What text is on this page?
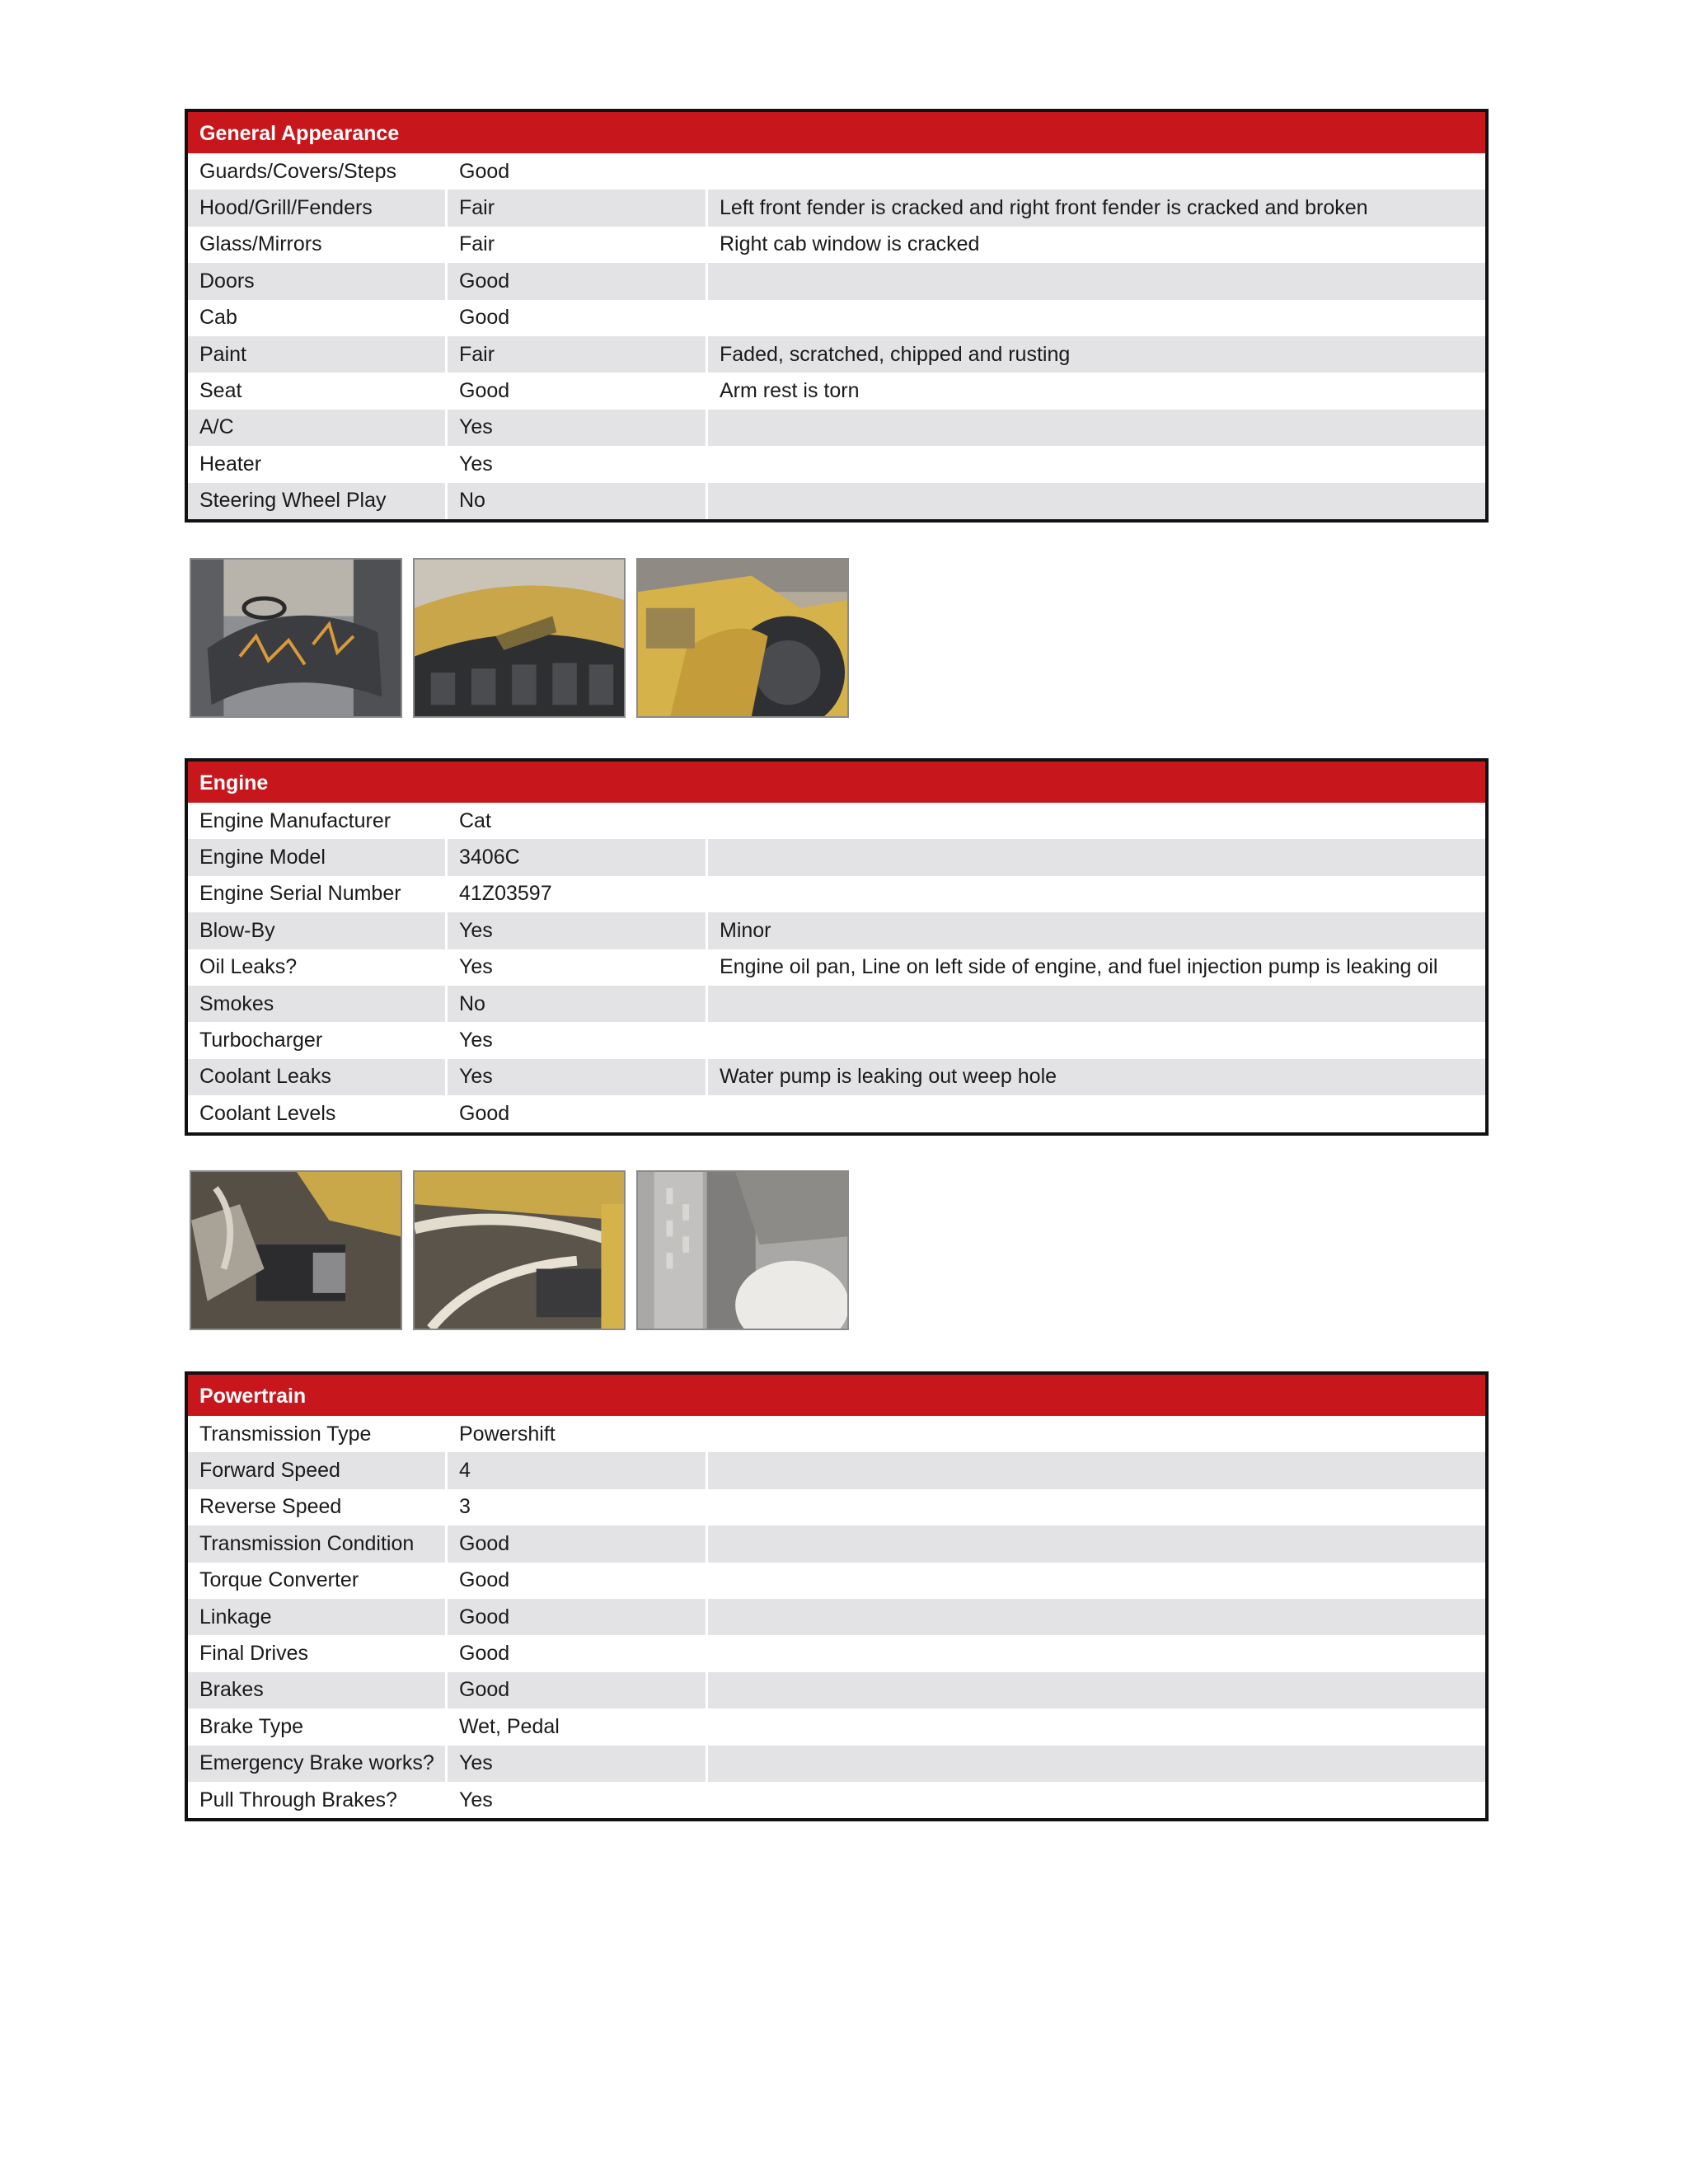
General Appearance
Guards/Covers/Steps	Good
Hood/Grill/Fenders	Fair	Left front fender is cracked and right front fender is cracked and broken
Glass/Mirrors	Fair	Right cab window is cracked
Doors	Good
Cab	Good
Paint	Fair	Faded, scratched, chipped and rusting
Seat	Good	Arm rest is torn
A/C	Yes
Heater	Yes
Steering Wheel Play	No
Engine
Engine Manufacturer	Cat
Engine Model	3406C
Engine Serial Number	41Z03597
Blow-By	Yes	Minor
Oil Leaks?	Yes	Engine oil pan, Line on left side of engine, and fuel injection pump is leaking oil
Smokes	No
Turbocharger	Yes
Coolant Leaks	Yes	Water pump is leaking out weep hole
Coolant Levels	Good
Powertrain
Transmission Type	Powershift
Forward Speed	4
Reverse Speed	3
Transmission Condition	Good
Torque Converter	Good
Linkage	Good
Final Drives	Good
Brakes	Good
Brake Type	Wet, Pedal
Emergency Brake works?	Yes
Pull Through Brakes?	Yes
